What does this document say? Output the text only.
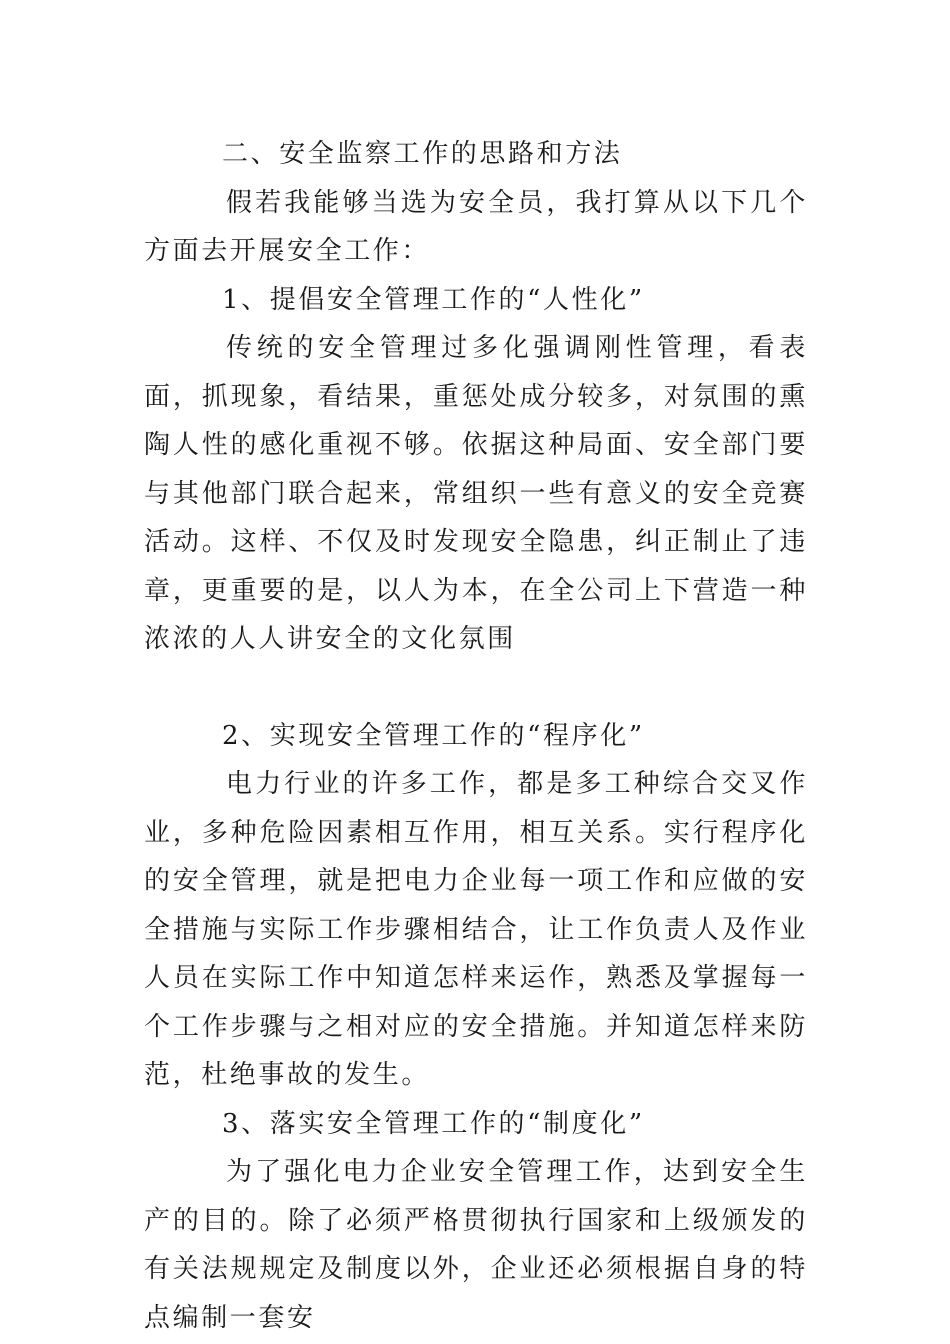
二、安全监察工作的思路和方法

假若我能够当选为安全员，我打算从以下几个方面去开展安全工作：

1、提倡安全管理工作的“人性化”

传统的安全管理过多化强调刚性管理，看表面，抓现象，看结果，重惩处成分较多，对氛围的熏陶人性的感化重视不够。依据这种局面、安全部门要与其他部门联合起来，常组织一些有意义的安全竞赛活动。这样、不仅及时发现安全隐患，纠正制止了违章，更重要的是，以人为本，在全公司上下营造一种浓浓的人人讲安全的文化氛围

2、实现安全管理工作的“程序化”

电力行业的许多工作，都是多工种综合交叉作业，多种危险因素相互作用，相互关系。实行程序化的安全管理，就是把电力企业每一项工作和应做的安全措施与实际工作步骤相结合，让工作负责人及作业人员在实际工作中知道怎样来运作，熟悉及掌握每一个工作步骤与之相对应的安全措施。并知道怎样来防范，杜绝事故的发生。

3、落实安全管理工作的“制度化”

为了强化电力企业安全管理工作，达到安全生产的目的。除了必须严格贯彻执行国家和上级颁发的有关法规规定及制度以外，企业还必须根据自身的特点编制一套安
